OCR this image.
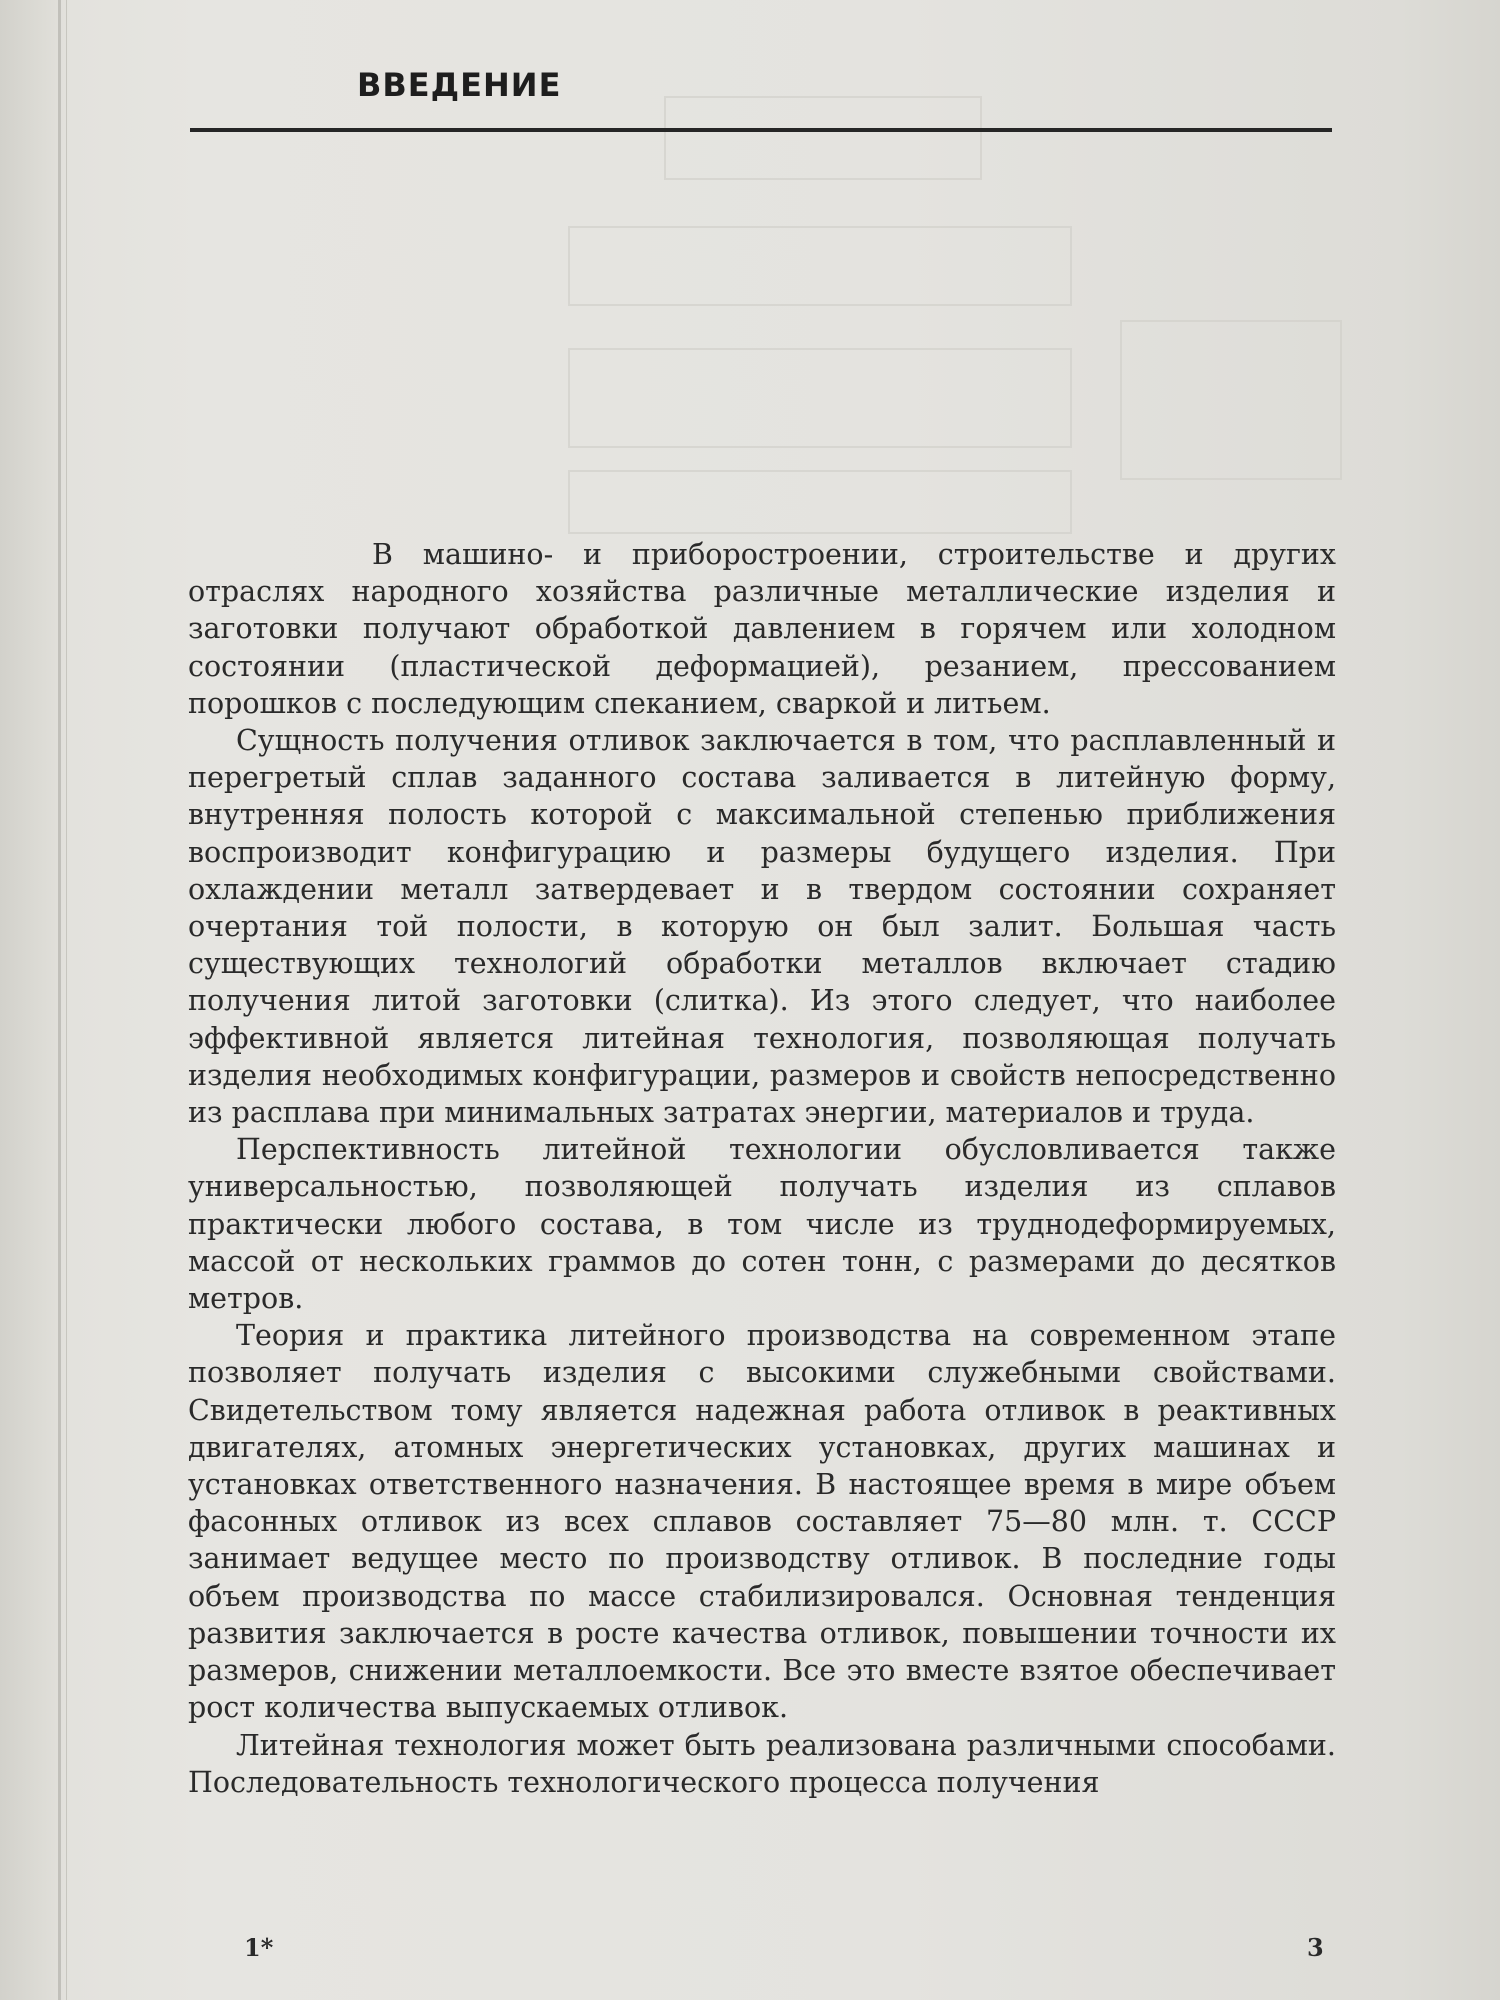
ВВЕДЕНИЕ

В машино- и приборостроении, строительстве и других отраслях народного хозяйства различные металлические изделия и заготовки получают обработкой давлением в горячем или холодном состоянии (пластической деформацией), резанием, прессованием порошков с последующим спеканием, сваркой и литьем.

Сущность получения отливок заключается в том, что расплавленный и перегретый сплав заданного состава заливается в литейную форму, внутренняя полость которой с максимальной степенью приближения воспроизводит конфигурацию и размеры будущего изделия. При охлаждении металл затвердевает и в твердом состоянии сохраняет очертания той полости, в которую он был залит. Большая часть существующих технологий обработки металлов включает стадию получения литой заготовки (слитка). Из этого следует, что наиболее эффективной является литейная технология, позволяющая получать изделия необходимых конфигурации, размеров и свойств непосредственно из расплава при минимальных затратах энергии, материалов и труда.

Перспективность литейной технологии обусловливается также универсальностью, позволяющей получать изделия из сплавов практически любого состава, в том числе из труднодеформируемых, массой от нескольких граммов до сотен тонн, с размерами до десятков метров.

Теория и практика литейного производства на современном этапе позволяет получать изделия с высокими служебными свойствами. Свидетельством тому является надежная работа отливок в реактивных двигателях, атомных энергетических установках, других машинах и установках ответственного назначения. В настоящее время в мире объем фасонных отливок из всех сплавов составляет 75—80 млн. т. СССР занимает ведущее место по производству отливок. В последние годы объем производства по массе стабилизировался. Основная тенденция развития заключается в росте качества отливок, повышении точности их размеров, снижении металлоемкости. Все это вместе взятое обеспечивает рост количества выпускаемых отливок.

Литейная технология может быть реализована различными способами. Последовательность технологического процесса получения

1*	3
